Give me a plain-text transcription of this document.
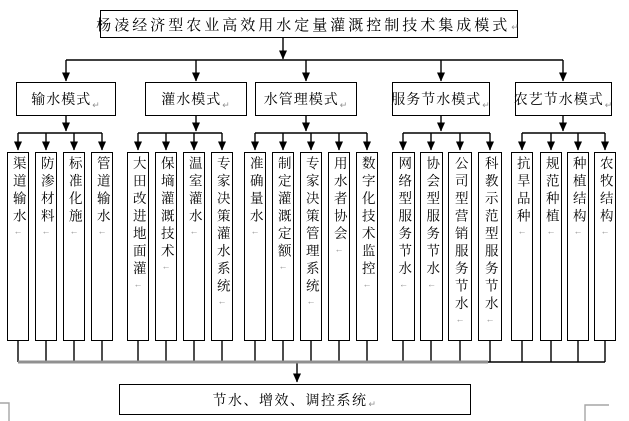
杨凌经济型农业高效用水定量灌溉控制技术集成模式 ↵
输水模式 ↵	灌水模式 ↵ 水管理模式 ↵	服务节水模式 ↵ 农艺节水模式 ↵
渠道输水
←
防渗材料
←
标准化施
←
管道输水
← 大田改进地面灌
←
保墒灌溉技术
←
温室灌水
← 专家决策灌水系统
←
准确量水
← 制定灌溉定额
← 专家决策管理系统
←
用水者协会
← 数字化技术监控
←
网络型服务节水
←
协会型服务节水
← 公司型营销服务节水
←
科教示范型服务节水
←
抗旱品种
←
规范种植
←
种植结构
←
农牧结构
←
节水、增效、调控系统 ↵
